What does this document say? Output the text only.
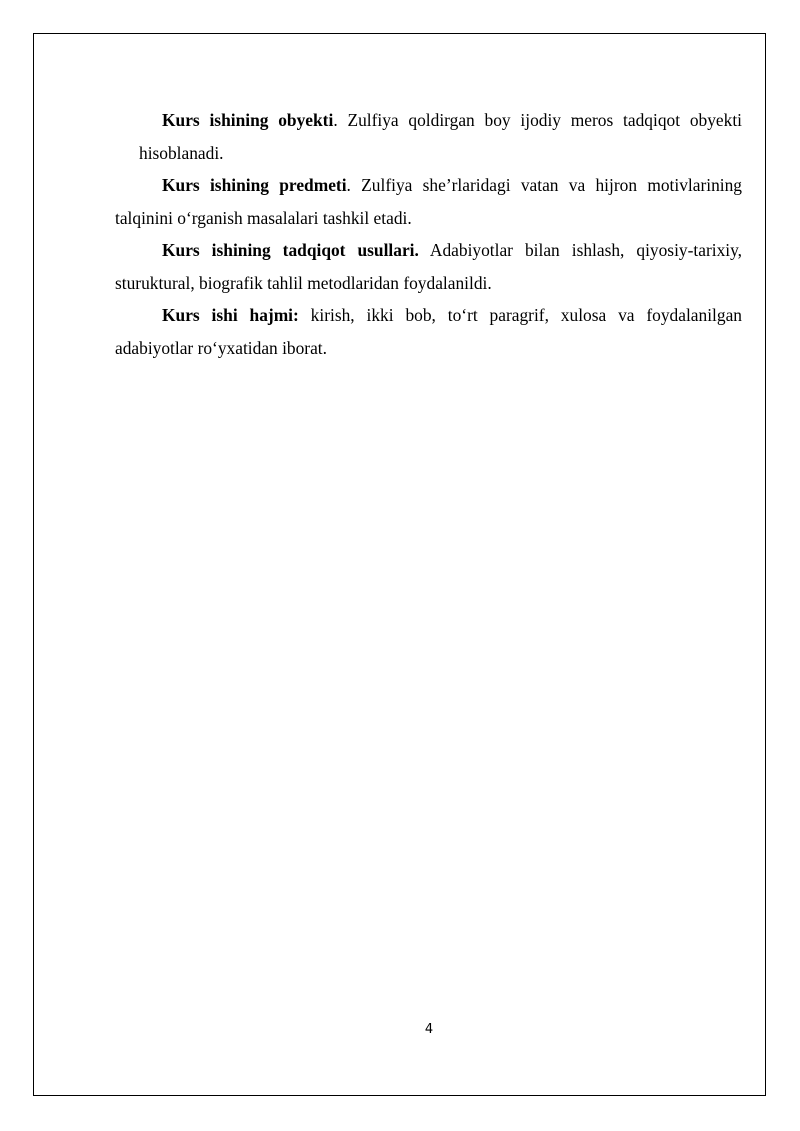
Kurs ishining obyekti. Zulfiya qoldirgan boy ijodiy meros tadqiqot obyekti hisoblanadi.

Kurs ishining predmeti. Zulfiya she’rlaridagi vatan va hijron motivlarining talqinini o‘rganish masalalari tashkil etadi.

Kurs ishining tadqiqot usullari. Adabiyotlar bilan ishlash, qiyosiy-tarixiy, sturuktural, biografik tahlil metodlaridan foydalanildi.

Kurs ishi hajmi: kirish, ikki bob, to‘rt paragrif, xulosa va foydalanilgan adabiyotlar ro‘yxatidan iborat.

4
